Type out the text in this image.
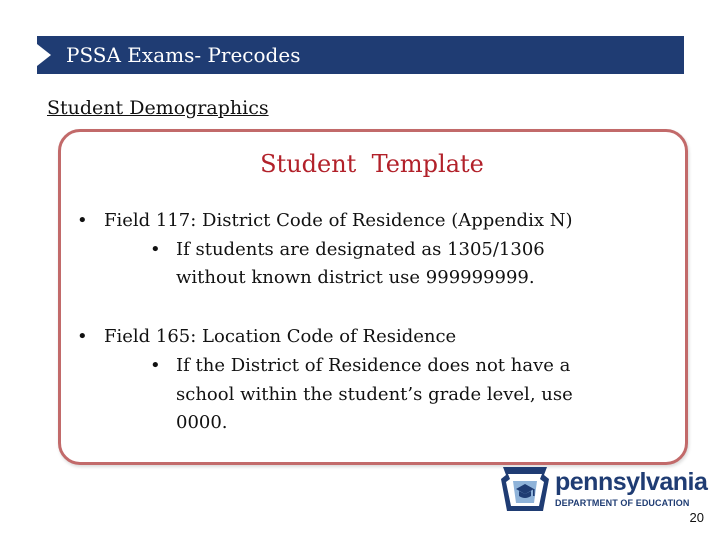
PSSA Exams- Precodes
Student Demographics
Student  Template
• Field 117: District Code of Residence (Appendix N)
• If students are designated as 1305/1306
without known district use 999999999.
• Field 165: Location Code of Residence
• If the District of Residence does not have a
school within the student’s grade level, use
0000.
pennsylvania
DEPARTMENT OF EDUCATION
20
